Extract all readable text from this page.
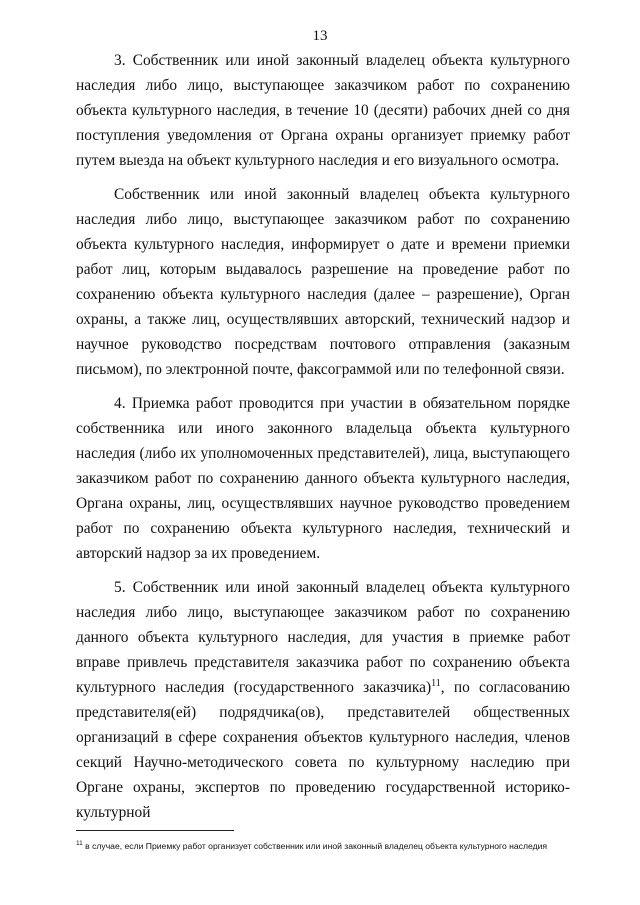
13

3. Собственник или иной законный владелец объекта культурного наследия либо лицо, выступающее заказчиком работ по сохранению объекта культурного наследия, в течение 10 (десяти) рабочих дней со дня поступления уведомления от Органа охраны организует приемку работ путем выезда на объект культурного наследия и его визуального осмотра.

Собственник или иной законный владелец объекта культурного наследия либо лицо, выступающее заказчиком работ по сохранению объекта культурного наследия, информирует о дате и времени приемки работ лиц, которым выдавалось разрешение на проведение работ по сохранению объекта культурного наследия (далее – разрешение), Орган охраны, а также лиц, осуществлявших авторский, технический надзор и научное руководство посредствам почтового отправления (заказным письмом), по электронной почте, факсограммой или по телефонной связи.

4. Приемка работ проводится при участии в обязательном порядке собственника или иного законного владельца объекта культурного наследия (либо их уполномоченных представителей), лица, выступающего заказчиком работ по сохранению данного объекта культурного наследия, Органа охраны, лиц, осуществлявших научное руководство проведением работ по сохранению объекта культурного наследия, технический и авторский надзор за их проведением.

5. Собственник или иной законный владелец объекта культурного наследия либо лицо, выступающее заказчиком работ по сохранению данного объекта культурного наследия, для участия в приемке работ вправе привлечь представителя заказчика работ по сохранению объекта культурного наследия (государственного заказчика)$^{11}$, по согласованию представителя(ей) подрядчика(ов), представителей общественных организаций в сфере сохранения объектов культурного наследия, членов секций Научно-методического совета по культурному наследию при Органе охраны, экспертов по проведению государственной историко-культурной

$^{11}$ в случае, если Приемку работ организует собственник или иной законный владелец объекта культурного наследия
